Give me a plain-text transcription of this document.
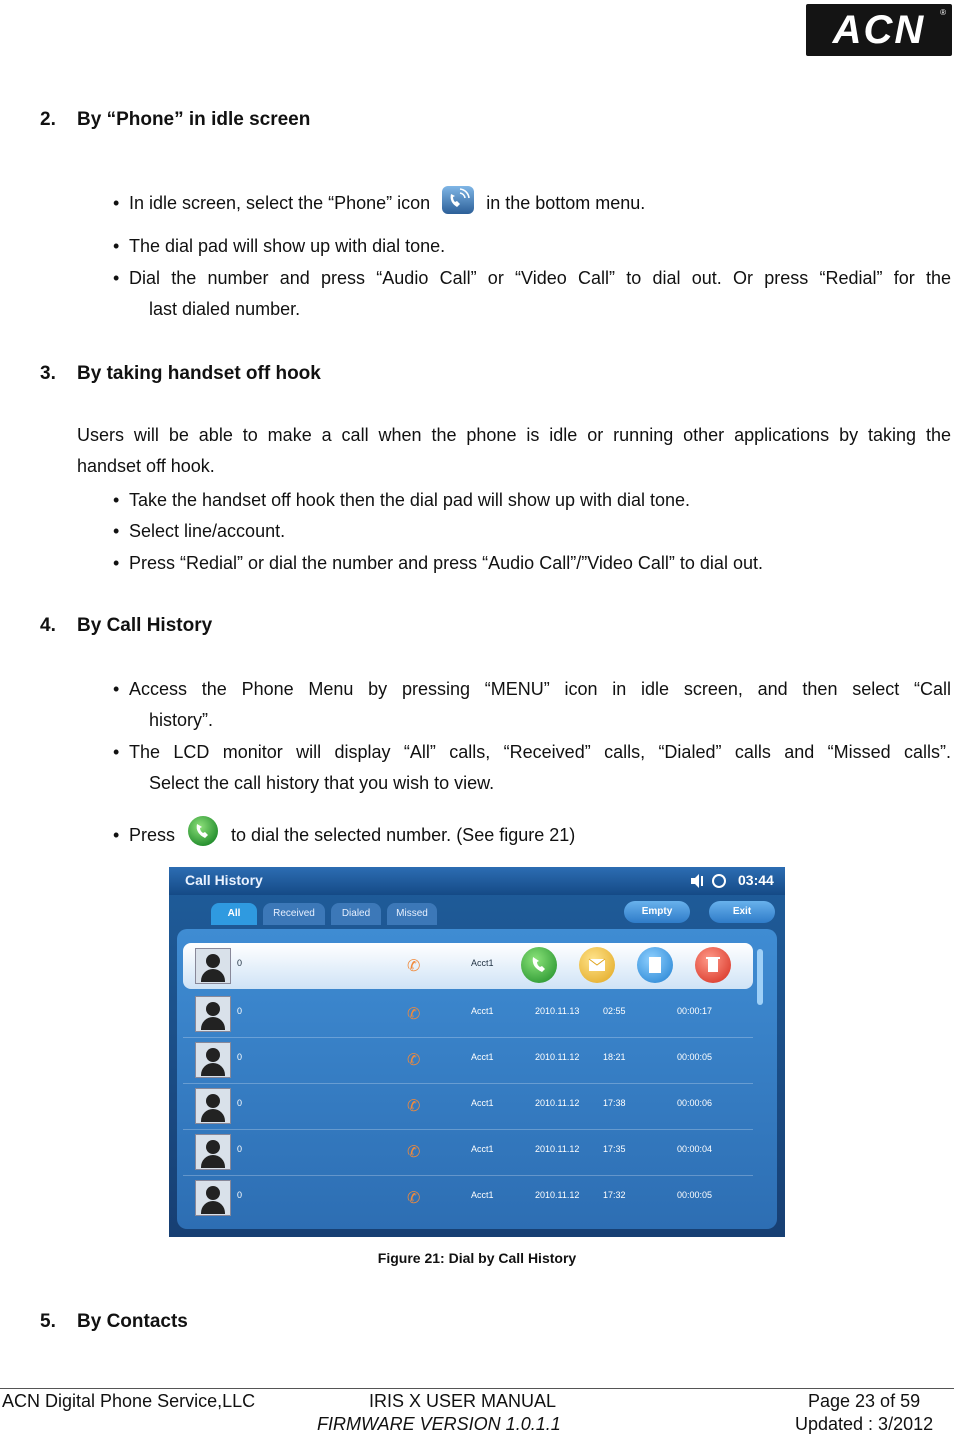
ACN	®
2. By “Phone” in idle screen
• In idle screen, select the “Phone” icon	in the bottom menu.
• The dial pad will show up with dial tone.
• Dial the number and press “Audio Call” or “Video Call” to dial out. Or press “Redial” for the
last dialed number.
3. By taking handset off hook
Users will be able to make a call when the phone is idle or running other applications by taking the
handset off hook.
• Take the handset off hook then the dial pad will show up with dial tone.
• Select line/account.
• Press “Redial” or dial the number and press “Audio Call”/”Video Call” to dial out.
4. By Call History
• Access the Phone Menu by pressing “MENU” icon in idle screen, and then select “Call
history”.
• The LCD monitor will display “All” calls, “Received” calls, “Dialed” calls and “Missed calls”.
Select the call history that you wish to view.
• Press	to dial the selected number. (See figure 21)
Call History	03:44
All	Received	Dialed	Missed	Empty	Exit
0	✆	Acct1
0	✆	Acct1	2010.11.13	02:55	00:00:17
0	✆	Acct1	2010.11.12	18:21	00:00:05
0	✆	Acct1	2010.11.12	17:38	00:00:06
0	✆	Acct1	2010.11.12	17:35	00:00:04
0	✆	Acct1	2010.11.12	17:32	00:00:05
Figure 21: Dial by Call History
5. By Contacts
ACN Digital Phone Service,LLC	IRIS X USER MANUAL	Page 23 of 59
FIRMWARE VERSION 1.0.1.1	Updated : 3/2012
